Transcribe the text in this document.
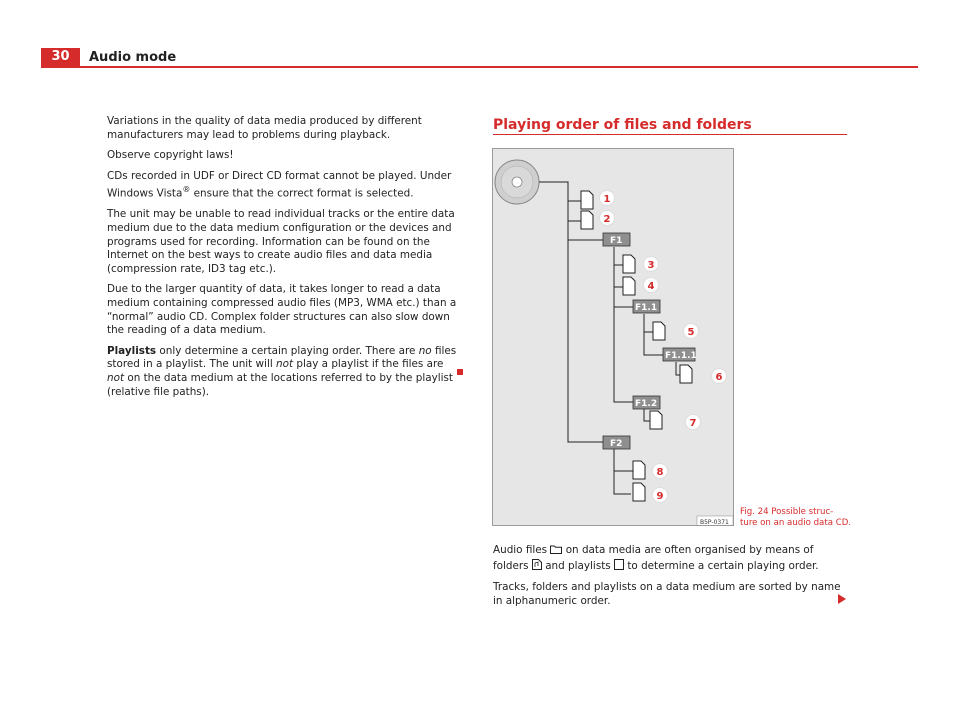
30	Audio mode

Variations in the quality of data media produced by different manufacturers may lead to problems during playback.

Observe copyright laws!

CDs recorded in UDF or Direct CD format cannot be played. Under Windows Vista® ensure that the correct format is selected.

The unit may be unable to read individual tracks or the entire data medium due to the data medium configuration or the devices and programs used for recording. Information can be found on the Internet on the best ways to create audio files and data media (compression rate, ID3 tag etc.).

Due to the larger quantity of data, it takes longer to read a data medium containing compressed audio files (MP3, WMA etc.) than a “normal” audio CD. Complex folder structures can also slow down the reading of a data medium.

Playlists only determine a certain playing order. There are no files stored in a playlist. The unit will not play a playlist if the files are not on the data medium at the locations referred to by the playlist (relative file paths).

Playing order of files and folders
F1
F1.1
F1.1.1
F1.2
F2
1
2
3
4
5
6
7
8
9
B5P-0371
Fig. 24 Possible struc-
ture on an audio data CD.

Audio files  on data media are often organised by means of folders  and playlists  to determine a certain playing order.

Tracks, folders and playlists on a data medium are sorted by name in alphanumeric order.
